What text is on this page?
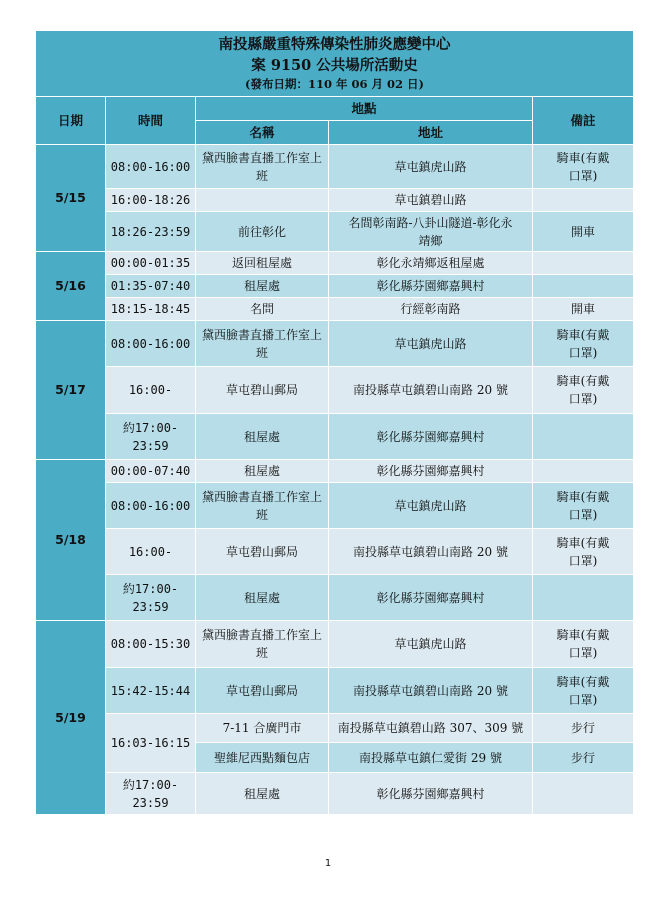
南投縣嚴重特殊傳染性肺炎應變中心
案 9150 公共場所活動史
(發布日期：110 年 06 月 02 日)				

日期	時間	地點		備註
		名稱	地址	
5/15	08:00-16:00	黛西臉書直播工作室上班	草屯鎮虎山路	騎車(有戴口罩)

	16:00-18:26		草屯鎮碧山路	
	18:26-23:59	前往彰化	名間彰南路-八卦山隧道-彰化永靖鄉	開車
5/16	00:00-01:35	返回租屋處	彰化永靖鄉返租屋處	
	01:35-07:40	租屋處	彰化縣芬園鄉嘉興村	
	18:15-18:45	名問	行經彰南路	開車
5/17	08:00-16:00	黛西臉書直播工作室上班	草屯鎮虎山路	騎車(有戴口罩)

	16:00-	草屯碧山郵局	南投縣草屯鎮碧山南路 20 號	騎車(有戴口罩)

	約17:00-23:59	租屋處	彰化縣芬園鄉嘉興村	
5/18	00:00-07:40	租屋處	彰化縣芬園鄉嘉興村	
	08:00-16:00	黛西臉書直播工作室上班	草屯鎮虎山路	騎車(有戴口罩)

	16:00-	草屯碧山郵局	南投縣草屯鎮碧山南路 20 號	騎車(有戴口罩)

	約17:00-23:59	租屋處	彰化縣芬園鄉嘉興村	
5/19	08:00-15:30	黛西臉書直播工作室上班	草屯鎮虎山路	騎車(有戴口罩)

	15:42-15:44	草屯碧山郵局	南投縣草屯鎮碧山南路 20 號	騎車(有戴口罩)

	16:03-16:15	7-11 合廣門市	南投縣草屯鎮碧山路 307、309 號	步行
		聖維尼西點麵包店	南投縣草屯鎮仁愛街 29 號	步行

	約17:00-23:59	租屋處	彰化縣芬園鄉嘉興村	
1
